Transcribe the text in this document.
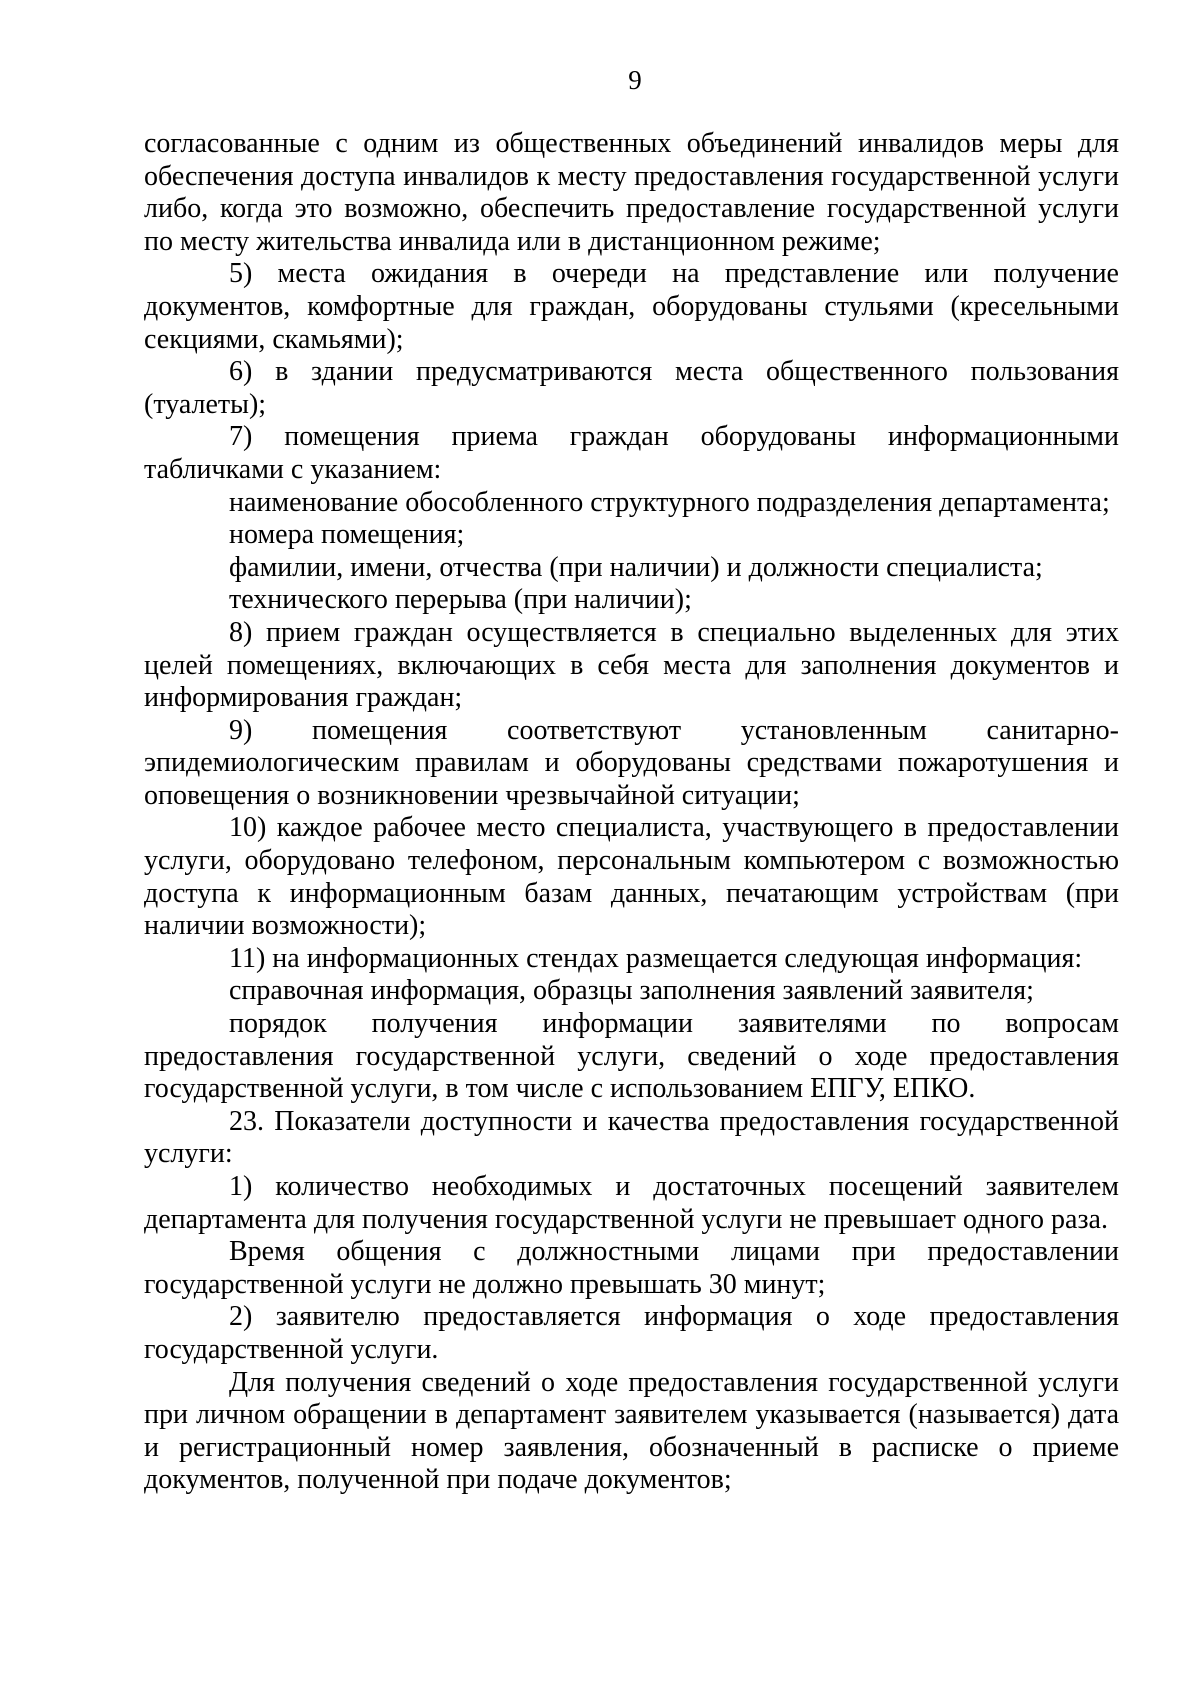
9

согласованные с одним из общественных объединений инвалидов меры для обеспечения доступа инвалидов к месту предоставления государственной услуги либо, когда это возможно, обеспечить предоставление государственной услуги по месту жительства инвалида или в дистанционном режиме;

5) места ожидания в очереди на представление или получение документов, комфортные для граждан, оборудованы стульями (кресельными секциями, скамьями);

6) в здании предусматриваются места общественного пользования (туалеты);

7) помещения приема граждан оборудованы информационными табличками с указанием:

наименование обособленного структурного подразделения департамента;

номера помещения;

фамилии, имени, отчества (при наличии) и должности специалиста;

технического перерыва (при наличии);

8) прием граждан осуществляется в специально выделенных для этих целей помещениях, включающих в себя места для заполнения документов и информирования граждан;

9) помещения соответствуют установленным санитарно-эпидемиологическим правилам и оборудованы средствами пожаротушения и оповещения о возникновении чрезвычайной ситуации;

10) каждое рабочее место специалиста, участвующего в предоставлении услуги, оборудовано телефоном, персональным компьютером с возможностью доступа к информационным базам данных, печатающим устройствам (при наличии возможности);

11) на информационных стендах размещается следующая информация:

справочная информация, образцы заполнения заявлений заявителя;

порядок получения информации заявителями по вопросам предоставления государственной услуги, сведений о ходе предоставления государственной услуги, в том числе с использованием ЕПГУ, ЕПКО.

23. Показатели доступности и качества предоставления государственной услуги:

1) количество необходимых и достаточных посещений заявителем департамента для получения государственной услуги не превышает одного раза.

Время общения с должностными лицами при предоставлении государственной услуги не должно превышать 30 минут;

2) заявителю предоставляется информация о ходе предоставления государственной услуги.

Для получения сведений о ходе предоставления государственной услуги при личном обращении в департамент заявителем указывается (называется) дата и регистрационный номер заявления, обозначенный в расписке о приеме документов, полученной при подаче документов;
